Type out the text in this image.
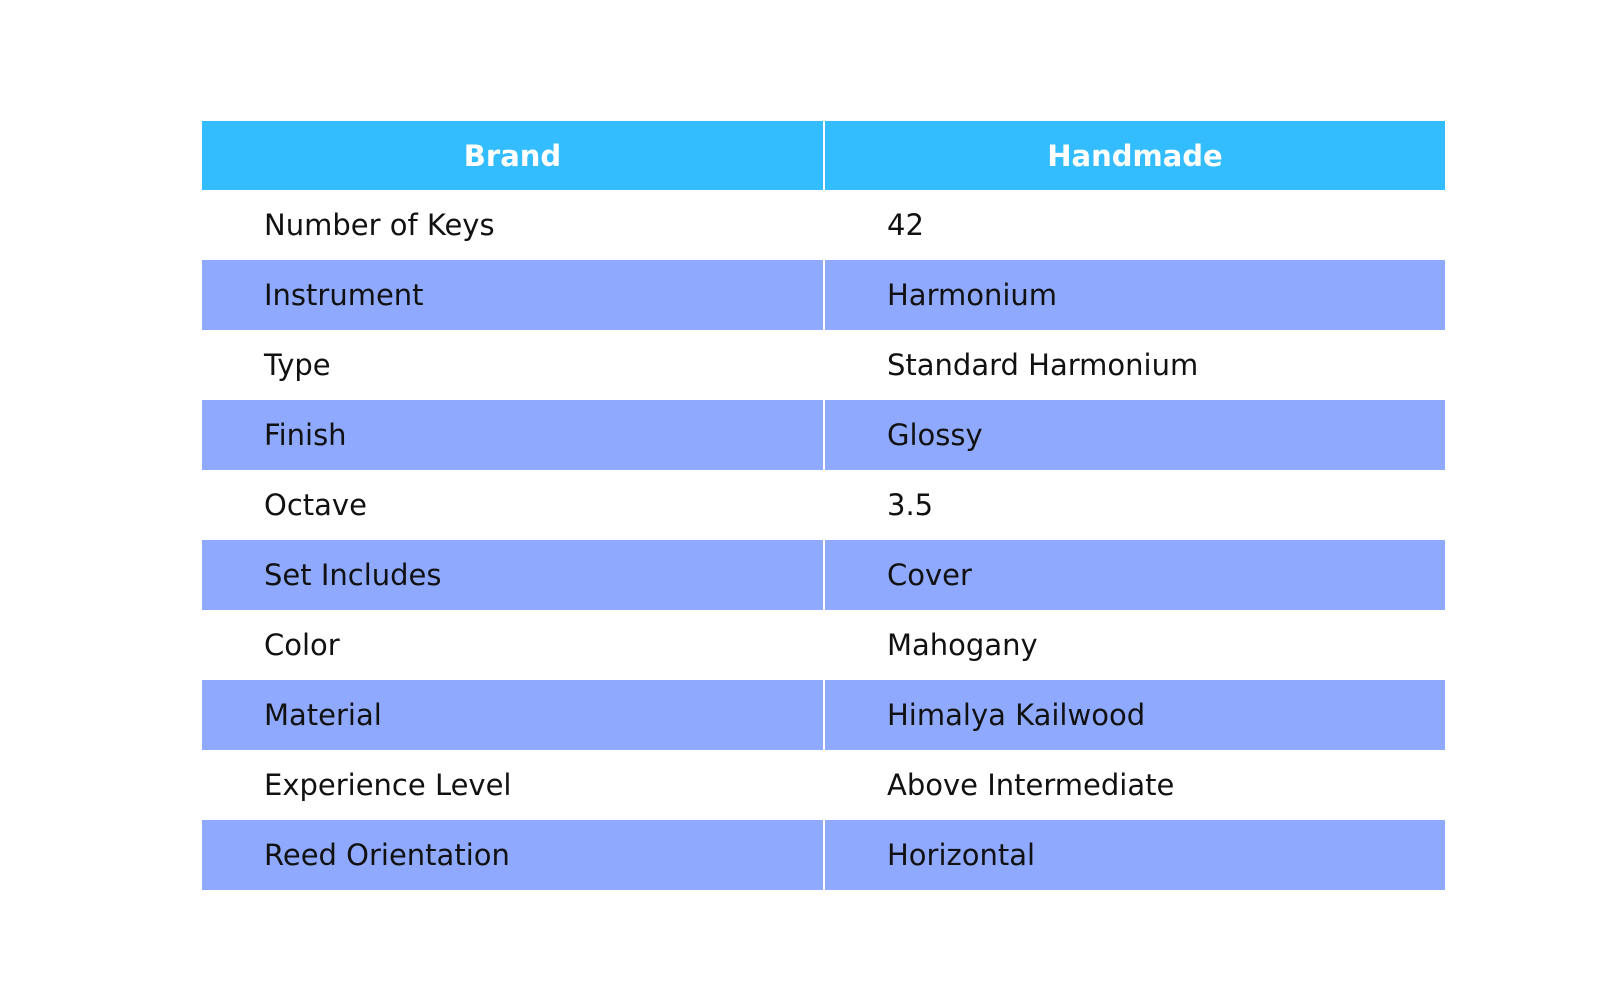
Brand	Handmade
Number of Keys	42
Instrument	Harmonium
Type	Standard Harmonium
Finish	Glossy
Octave	3.5
Set Includes	Cover
Color	Mahogany
Material	Himalya Kailwood
Experience Level	Above Intermediate
Reed Orientation	Horizontal
